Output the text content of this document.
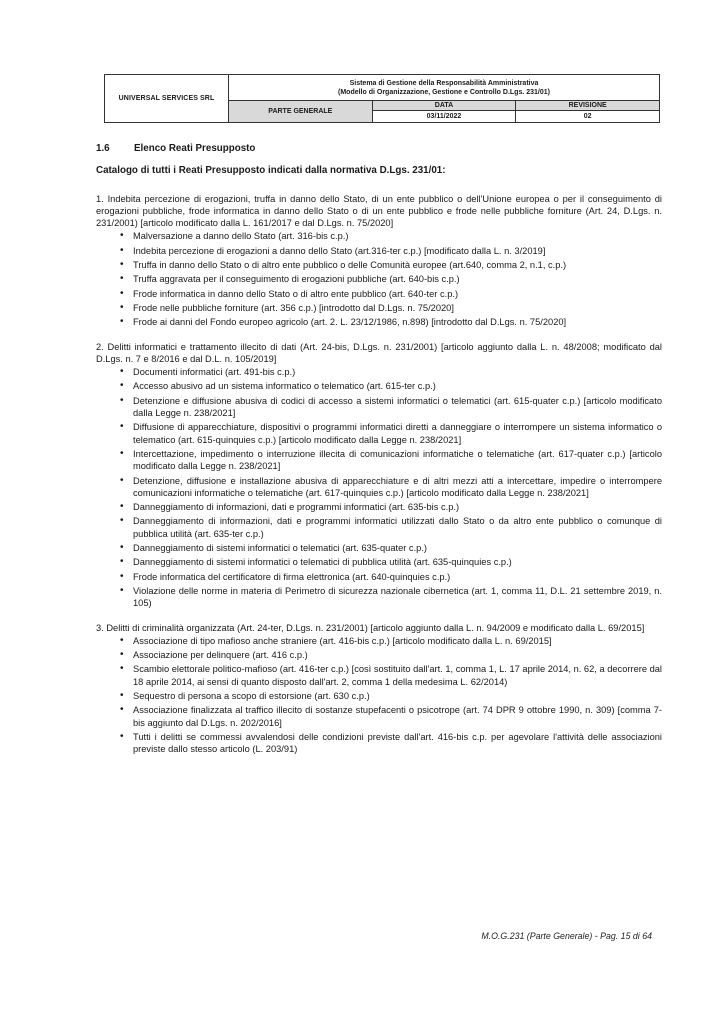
UNIVERSAL SERVICES SRL	Sistema di Gestione della Responsabilità Amministrativa
(Modello di Organizzazione, Gestione e Controllo D.Lgs. 231/01)		

	PARTE GENERALE	DATA	REVISIONE
		03/11/2022	02
1.6	Elenco Reati Presupposto
Catalogo di tutti i Reati Presupposto indicati dalla normativa D.Lgs. 231/01:

1. Indebita percezione di erogazioni, truffa in danno dello Stato, di un ente pubblico o dell'Unione europea o per il conseguimento di erogazioni pubbliche, frode informatica in danno dello Stato o di un ente pubblico e frode nelle pubbliche forniture (Art. 24, D.Lgs. n. 231/2001) [articolo modificato dalla L. 161/2017 e dal D.Lgs. n. 75/2020]

• Malversazione a danno dello Stato (art. 316-bis c.p.)
• Indebita percezione di erogazioni a danno dello Stato (art.316-ter c.p.) [modificato dalla L. n. 3/2019]
• Truffa in danno dello Stato o di altro ente pubblico o delle Comunità europee (art.640, comma 2, n.1, c.p.)
• Truffa aggravata per il conseguimento di erogazioni pubbliche (art. 640-bis c.p.)
• Frode informatica in danno dello Stato o di altro ente pubblico (art. 640-ter c.p.)
• Frode nelle pubbliche forniture (art. 356 c.p.) [introdotto dal D.Lgs. n. 75/2020]
• Frode ai danni del Fondo europeo agricolo (art. 2. L. 23/12/1986, n.898) [introdotto dal D.Lgs. n. 75/2020]

2. Delitti informatici e trattamento illecito di dati (Art. 24-bis, D.Lgs. n. 231/2001) [articolo aggiunto dalla L. n. 48/2008; modificato dal D.Lgs. n. 7 e 8/2016 e dal D.L. n. 105/2019]

• Documenti informatici (art. 491-bis c.p.)
• Accesso abusivo ad un sistema informatico o telematico (art. 615-ter c.p.)
• Detenzione e diffusione abusiva di codici di accesso a sistemi informatici o telematici (art. 615-quater c.p.) [articolo modificato dalla Legge n. 238/2021]
• Diffusione di apparecchiature, dispositivi o programmi informatici diretti a danneggiare o interrompere un sistema informatico o telematico (art. 615-quinquies c.p.) [articolo modificato dalla Legge n. 238/2021]
• Intercettazione, impedimento o interruzione illecita di comunicazioni informatiche o telematiche (art. 617-quater c.p.) [articolo modificato dalla Legge n. 238/2021]
• Detenzione, diffusione e installazione abusiva di apparecchiature e di altri mezzi atti a intercettare, impedire o interrompere comunicazioni informatiche o telematiche (art. 617-quinquies c.p.) [articolo modificato dalla Legge n. 238/2021]
• Danneggiamento di informazioni, dati e programmi informatici (art. 635-bis c.p.)
• Danneggiamento di informazioni, dati e programmi informatici utilizzati dallo Stato o da altro ente pubblico o comunque di pubblica utilità (art. 635-ter c.p.)
• Danneggiamento di sistemi informatici o telematici (art. 635-quater c.p.)
• Danneggiamento di sistemi informatici o telematici di pubblica utilità (art. 635-quinquies c.p.)
• Frode informatica del certificatore di firma elettronica (art. 640-quinquies c.p.)
• Violazione delle norme in materia di Perimetro di sicurezza nazionale cibernetica (art. 1, comma 11, D.L. 21 settembre 2019, n. 105)

3. Delitti di criminalità organizzata (Art. 24-ter, D.Lgs. n. 231/2001) [articolo aggiunto dalla L. n. 94/2009 e modificato dalla L. 69/2015]

• Associazione di tipo mafioso anche straniere (art. 416-bis c.p.) [articolo modificato dalla L. n. 69/2015]
• Associazione per delinquere (art. 416 c.p.)
• Scambio elettorale politico-mafioso (art. 416-ter c.p.) [così sostituito dall'art. 1, comma 1, L. 17 aprile 2014, n. 62, a decorrere dal 18 aprile 2014, ai sensi di quanto disposto dall'art. 2, comma 1 della medesima L. 62/2014)
• Sequestro di persona a scopo di estorsione (art. 630 c.p.)
• Associazione finalizzata al traffico illecito di sostanze stupefacenti o psicotrope (art. 74 DPR 9 ottobre 1990, n. 309) [comma 7-bis aggiunto dal D.Lgs. n. 202/2016]
• Tutti i delitti se commessi avvalendosi delle condizioni previste dall'art. 416-bis c.p. per agevolare l'attività delle associazioni previste dallo stesso articolo (L. 203/91)
M.O.G.231 (Parte Generale) - Pag. 15 di 64
